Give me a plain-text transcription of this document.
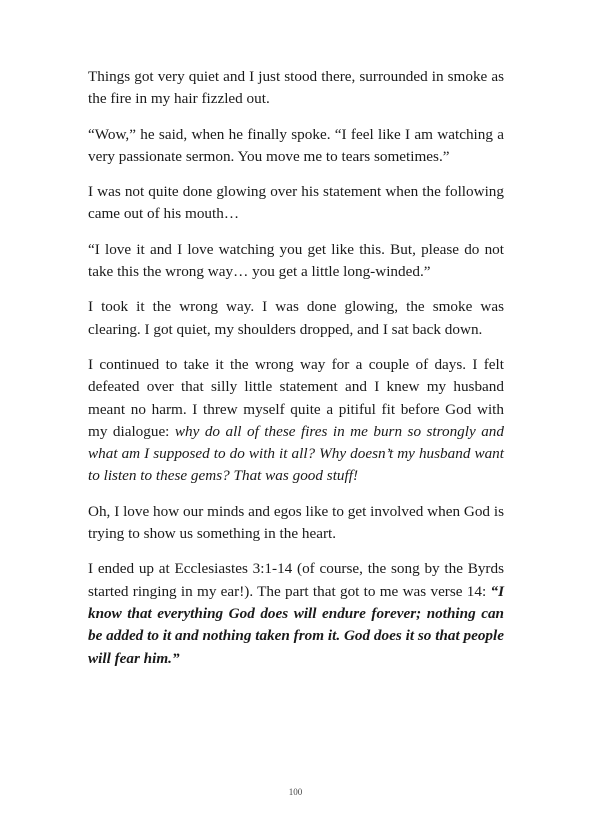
Things got very quiet and I just stood there, surrounded in smoke as the fire in my hair fizzled out.

“Wow,” he said, when he finally spoke. “I feel like I am watching a very passionate sermon. You move me to tears sometimes.”

I was not quite done glowing over his statement when the following came out of his mouth…

“I love it and I love watching you get like this. But, please do not take this the wrong way… you get a little long-winded.”

I took it the wrong way. I was done glowing, the smoke was clearing. I got quiet, my shoulders dropped, and I sat back down.

I continued to take it the wrong way for a couple of days. I felt defeated over that silly little statement and I knew my husband meant no harm. I threw myself quite a pitiful fit before God with my dialogue: why do all of these fires in me burn so strongly and what am I supposed to do with it all? Why doesn’t my husband want to listen to these gems? That was good stuff!

Oh, I love how our minds and egos like to get involved when God is trying to show us something in the heart.

I ended up at Ecclesiastes 3:1-14 (of course, the song by the Byrds started ringing in my ear!). The part that got to me was verse 14: “I know that everything God does will endure forever; nothing can be added to it and nothing taken from it. God does it so that people will fear him.”

100
